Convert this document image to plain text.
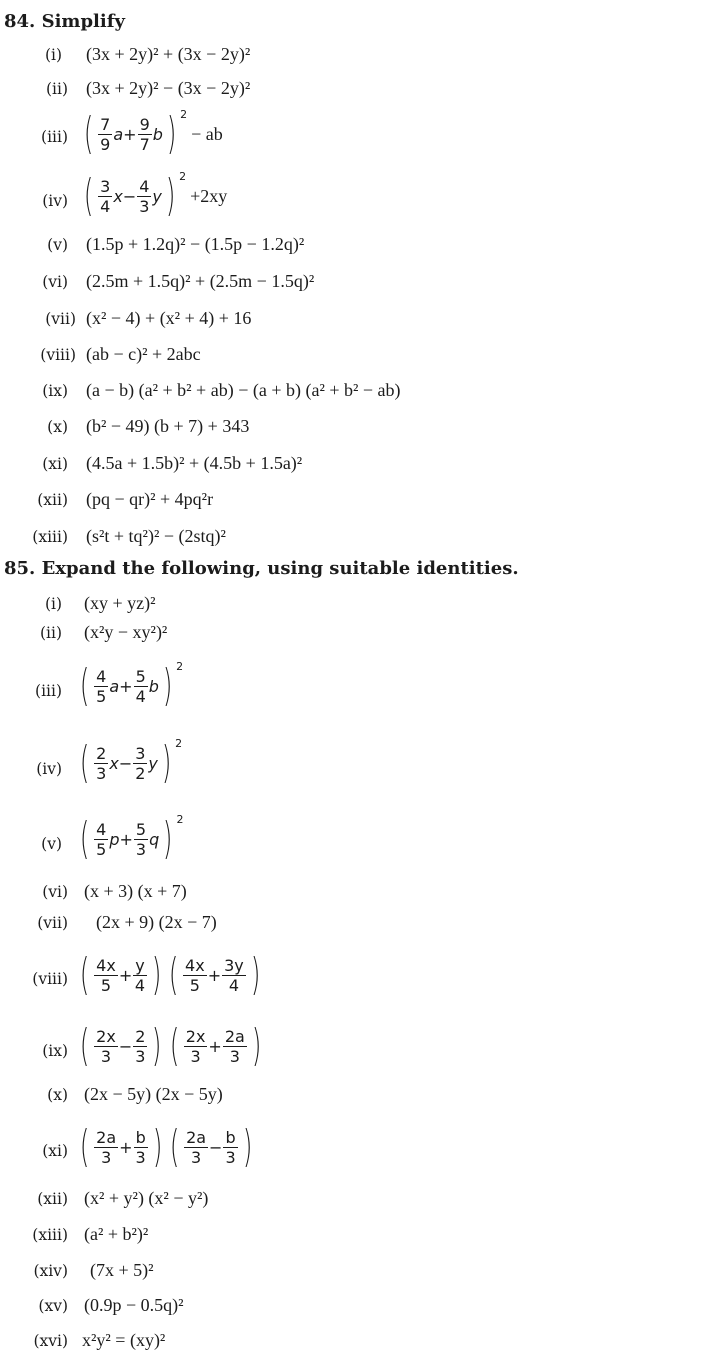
84. Simplify
(i) (3x + 2y)² + (3x − 2y)²
(ii) (3x + 2y)² − (3x − 2y)²
(iii) ( $\frac{7}{9} a+ \frac{9}{7} b$) 2− ab
(iv) ( $\frac{3}{4} x- \frac{4}{3} y$) 2+2xy
(v) (1.5p + 1.2q)² − (1.5p − 1.2q)²
(vi) (2.5m + 1.5q)² + (2.5m − 1.5q)²
(vii) (x² − 4) + (x² + 4) + 16
(viii) (ab − c)² + 2abc
(ix) (a − b) (a² + b² + ab) − (a + b) (a² + b² − ab)
(x) (b² − 49) (b + 7) + 343
(xi) (4.5a + 1.5b)² + (4.5b + 1.5a)²
(xii) (pq − qr)² + 4pq²r
(xiii) (s²t + tq²)² − (2stq)²
85. Expand the following, using suitable identities.
(i) (xy + yz)²
(ii) (x²y − xy²)²
(iii) ( $\frac{4}{5} a+ \frac{5}{4} b$) 2
(iv) ( $\frac{2}{3} x- \frac{3}{2} y$) 2
(v) ( $\frac{4}{5} p+ \frac{5}{3} q$) 2
(vi) (x + 3) (x + 7)
(vii) (2x + 9) (2x − 7)
(viii) ( $\frac{4x}{5} + \frac{y}{4}$ ) ( $\frac{4x}{5} + \frac{3y}{4}$ )
(ix) ( $\frac{2x}{3} - \frac{2}{3}$ ) ( $\frac{2x}{3} + \frac{2a}{3}$ )
(x) (2x − 5y) (2x − 5y)
(xi) ( $\frac{2a}{3} + \frac{b}{3}$ ) ( $\frac{2a}{3} - \frac{b}{3}$ )
(xii) (x² + y²) (x² − y²)
(xiii) (a² + b²)²
(xiv) (7x + 5)²
(xv) (0.9p − 0.5q)²
(xvi) x²y² = (xy)²
